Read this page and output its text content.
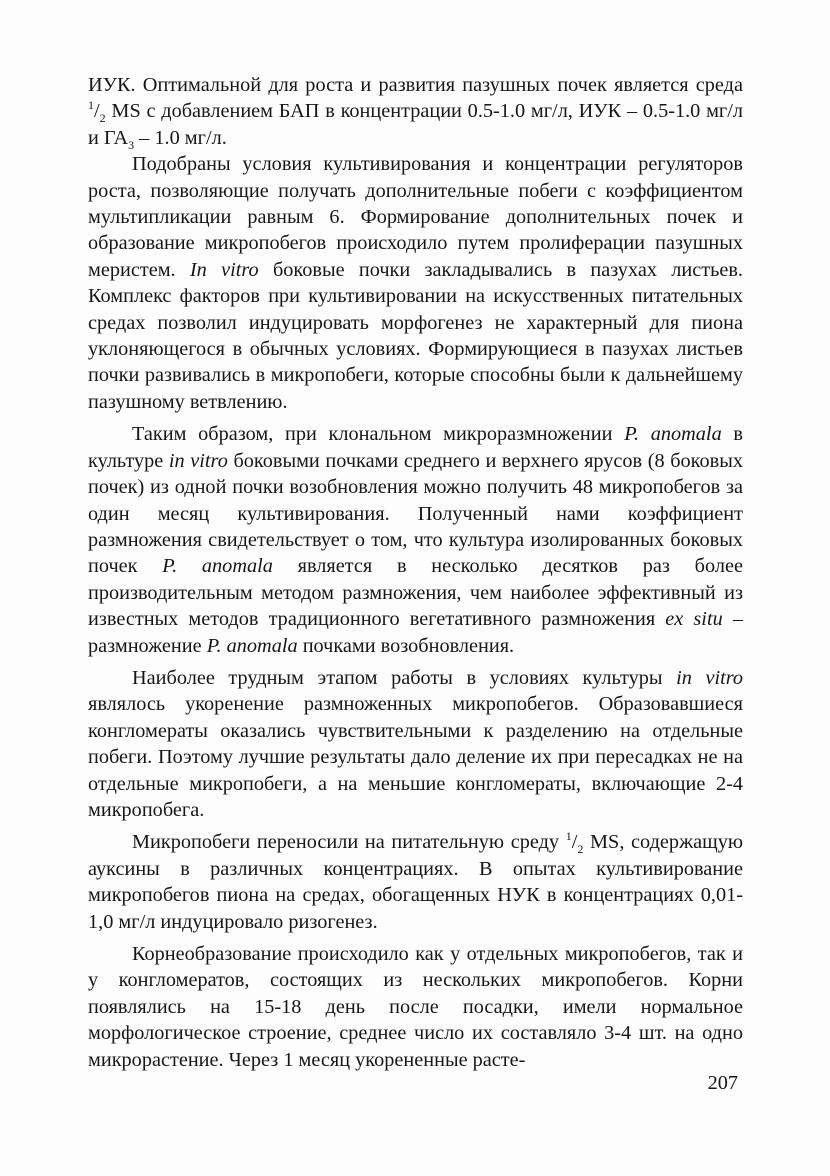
ИУК. Оптимальной для роста и развития пазушных почек является среда $^1/_2$ MS с добавлением БАП в концентрации 0.5-1.0 мг/л, ИУК – 0.5-1.0 мг/л и $ГА_3 - 1.0$ мг/л.

Подобраны условия культивирования и концентрации регуляторов роста, позволяющие получать дополнительные побеги с коэффициентом мультипликации равным 6. Формирование дополнительных почек и образование микропобегов происходило путем пролиферации пазушных меристем. In vitro боковые почки закладывались в пазухах листьев. Комплекс факторов при культивировании на искусственных питательных средах позволил индуцировать морфогенез не характерный для пиона уклоняющегося в обычных условиях. Формирующиеся в пазухах листьев почки развивались в микропобеги, которые способны были к дальнейшему пазушному ветвлению.

Таким образом, при клональном микроразмножении P. anomala в культуре in vitro боковыми почками среднего и верхнего ярусов (8 боковых почек) из одной почки возобновления можно получить 48 микропобегов за один месяц культивирования. Полученный нами коэффициент размножения свидетельствует о том, что культура изолированных боковых почек P. anomala является в несколько десятков раз более производительным методом размножения, чем наиболее эффективный из известных методов традиционного вегетативного размножения ex situ – размножение P. anomala почками возобновления.

Наиболее трудным этапом работы в условиях культуры in vitro являлось укоренение размноженных микропобегов. Образовавшиеся конгломераты оказались чувствительными к разделению на отдельные побеги. Поэтому лучшие результаты дало деление их при пересадках не на отдельные микропобеги, а на меньшие конгломераты, включающие 2-4 микропобега.

Микропобеги переносили на питательную среду $^1/_2$ MS, содержащую ауксины в различных концентрациях. В опытах культивирование микропобегов пиона на средах, обогащенных НУК в концентрациях 0,01-1,0 мг/л индуцировало ризогенез.

Корнеобразование происходило как у отдельных микропобегов, так и у конгломератов, состоящих из нескольких микропобегов. Корни появлялись на 15-18 день после посадки, имели нормальное морфологическое строение, среднее число их составляло 3-4 шт. на одно микрорастение. Через 1 месяц укорененные расте-

207
